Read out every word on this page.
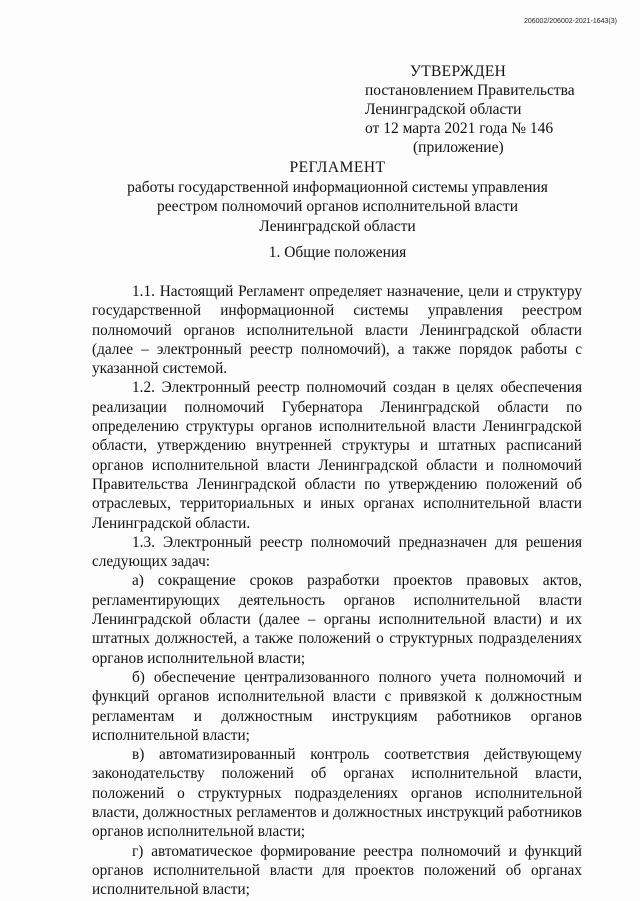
206002/206002-2021-1643(3)
УТВЕРЖДЕН
постановлением Правительства
Ленинградской области
от 12 марта 2021 года № 146
(приложение)
РЕГЛАМЕНТ
работы государственной информационной системы управления
реестром полномочий органов исполнительной власти
Ленинградской области
1. Общие положения

1.1. Настоящий Регламент определяет назначение, цели и структуру государственной информационной системы управления реестром полномочий органов исполнительной власти Ленинградской области (далее – электронный реестр полномочий), а также порядок работы с указанной системой.

1.2. Электронный реестр полномочий создан в целях обеспечения реализации полномочий Губернатора Ленинградской области по определению структуры органов исполнительной власти Ленинградской области, утверждению внутренней структуры и штатных расписаний органов исполнительной власти Ленинградской области и полномочий Правительства Ленинградской области по утверждению положений об отраслевых, территориальных и иных органах исполнительной власти Ленинградской области.

1.3. Электронный реестр полномочий предназначен для решения следующих задач:

а) сокращение сроков разработки проектов правовых актов, регламентирующих деятельность органов исполнительной власти Ленинградской области (далее – органы исполнительной власти) и их штатных должностей, а также положений о структурных подразделениях органов исполнительной власти;

б) обеспечение централизованного полного учета полномочий и функций органов исполнительной власти с привязкой к должностным регламентам и должностным инструкциям работников органов исполнительной власти;

в) автоматизированный контроль соответствия действующему законодательству положений об органах исполнительной власти, положений о структурных подразделениях органов исполнительной власти, должностных регламентов и должностных инструкций работников органов исполнительной власти;

г) автоматическое формирование реестра полномочий и функций органов исполнительной власти для проектов положений об органах исполнительной власти;
